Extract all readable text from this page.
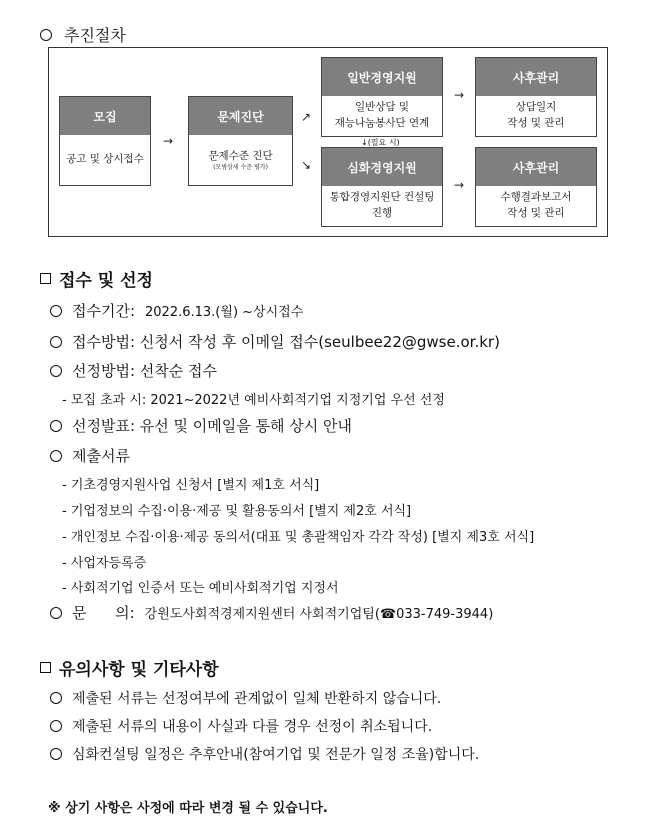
추진절차
모집
공고 및 상시접수
→
문제진단
문제수준 진단
(모범상세 수준 평가)
↗
↘
일반경영지원
일반상담 및
재능나눔봉사단 연계
↓(필요 시)
심화경영지원
통합경영지원단 컨설팅
진행
→
→
사후관리
상담일지
작성 및 관리
사후관리
수행결과보고서
작성 및 관리
접수 및 선정
접수기간: 2022.6.13.(월) ~상시접수
접수방법: 신청서 작성 후 이메일 접수(seulbee22@gwse.or.kr)
선정방법: 선착순 접수
- 모집 초과 시: 2021~2022년 예비사회적기업 지정기업 우선 선정
선정발표: 유선 및 이메일을 통해 상시 안내
제출서류
- 기초경영지원사업 신청서 [별지 제1호 서식]
- 기업정보의 수집·이용·제공 및 활용동의서 [별지 제2호 서식]
- 개인정보 수집·이용·제공 동의서(대표 및 총괄책임자 각각 작성) [별지 제3호 서식]
- 사업자등록증
- 사회적기업 인증서 또는 예비사회적기업 지정서
문      의: 강원도사회적경제지원센터 사회적기업팀(☎033-749-3944)
유의사항 및 기타사항
제출된 서류는 선정여부에 관계없이 일체 반환하지 않습니다.
제출된 서류의 내용이 사실과 다를 경우 선정이 취소됩니다.
심화컨설팅 일정은 추후안내(참여기업 및 전문가 일정 조율)합니다.
※ 상기 사항은 사정에 따라 변경 될 수 있습니다.
